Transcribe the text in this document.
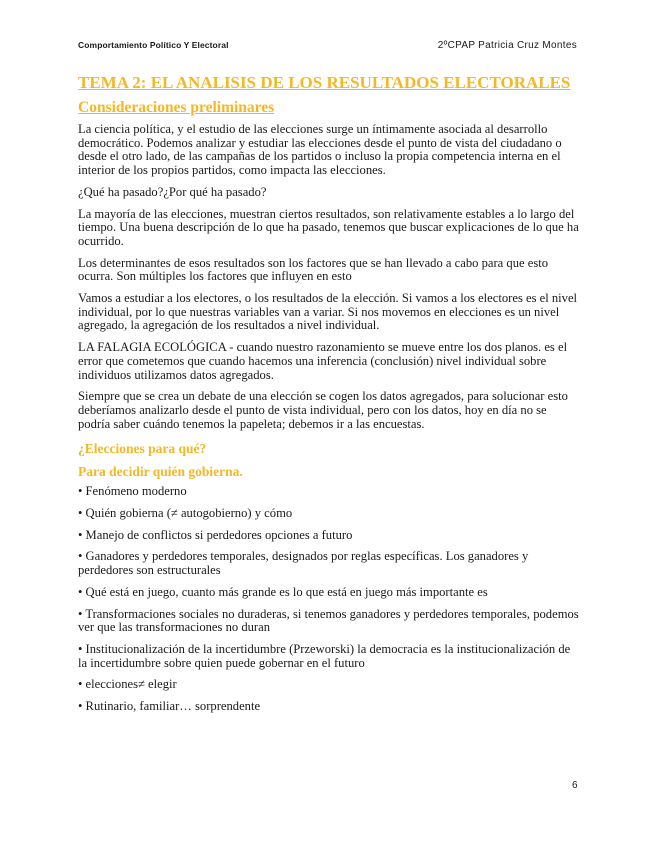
Comportamiento Político Y Electoral	2ºCPAP Patricia Cruz Montes
TEMA 2: EL ANALISIS DE LOS RESULTADOS ELECTORALES
Consideraciones preliminares

La ciencia política, y el estudio de las elecciones surge un íntimamente asociada al desarrollo democrático. Podemos analizar y estudiar las elecciones desde el punto de vista del ciudadano o desde el otro lado, de las campañas de los partidos o incluso la propia competencia interna en el interior de los propios partidos, como impacta las elecciones.

¿Qué ha pasado?¿Por qué ha pasado?

La mayoría de las elecciones, muestran ciertos resultados, son relativamente estables a lo largo del tiempo. Una buena descripción de lo que ha pasado, tenemos que buscar explicaciones de lo que ha ocurrido.

Los determinantes de esos resultados son los factores que se han llevado a cabo para que esto ocurra. Son múltiples los factores que influyen en esto

Vamos a estudiar a los electores, o los resultados de la elección. Si vamos a los electores es el nivel individual, por lo que nuestras variables van a variar. Si nos movemos en elecciones es un nivel agregado, la agregación de los resultados a nivel individual.

LA FALAGIA ECOLÓGICA - cuando nuestro razonamiento se mueve entre los dos planos. es el error que cometemos que cuando hacemos una inferencia (conclusión) nivel individual sobre individuos utilizamos datos agregados.

Siempre que se crea un debate de una elección se cogen los datos agregados, para solucionar esto deberíamos analizarlo desde el punto de vista individual, pero con los datos, hoy en día no se podría saber cuándo tenemos la papeleta; debemos ir a las encuestas.

¿Elecciones para qué?
Para decidir quién gobierna.

• Fenómeno moderno

• Quién gobierna (≠ autogobierno) y cómo

• Manejo de conflictos si perdedores opciones a futuro

• Ganadores y perdedores temporales, designados por reglas específicas. Los ganadores y perdedores son estructurales

• Qué está en juego, cuanto más grande es lo que está en juego más importante es

• Transformaciones sociales no duraderas, si tenemos ganadores y perdedores temporales, podemos ver que las transformaciones no duran

• Institucionalización de la incertidumbre (Przeworski) la democracia es la institucionalización de la incertidumbre sobre quien puede gobernar en el futuro

• elecciones≠ elegir

• Rutinario, familiar… sorprendente

6
